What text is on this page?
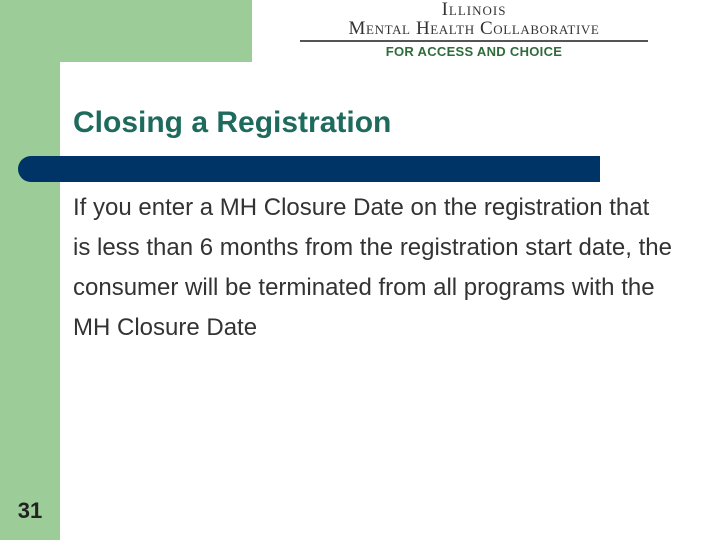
Illinois
Mental Health Collaborative
FOR ACCESS AND CHOICE
Closing a Registration

If you enter a MH Closure Date on the registration that is less than 6 months from the registration start date, the consumer will be terminated from all programs with the MH Closure Date

31
